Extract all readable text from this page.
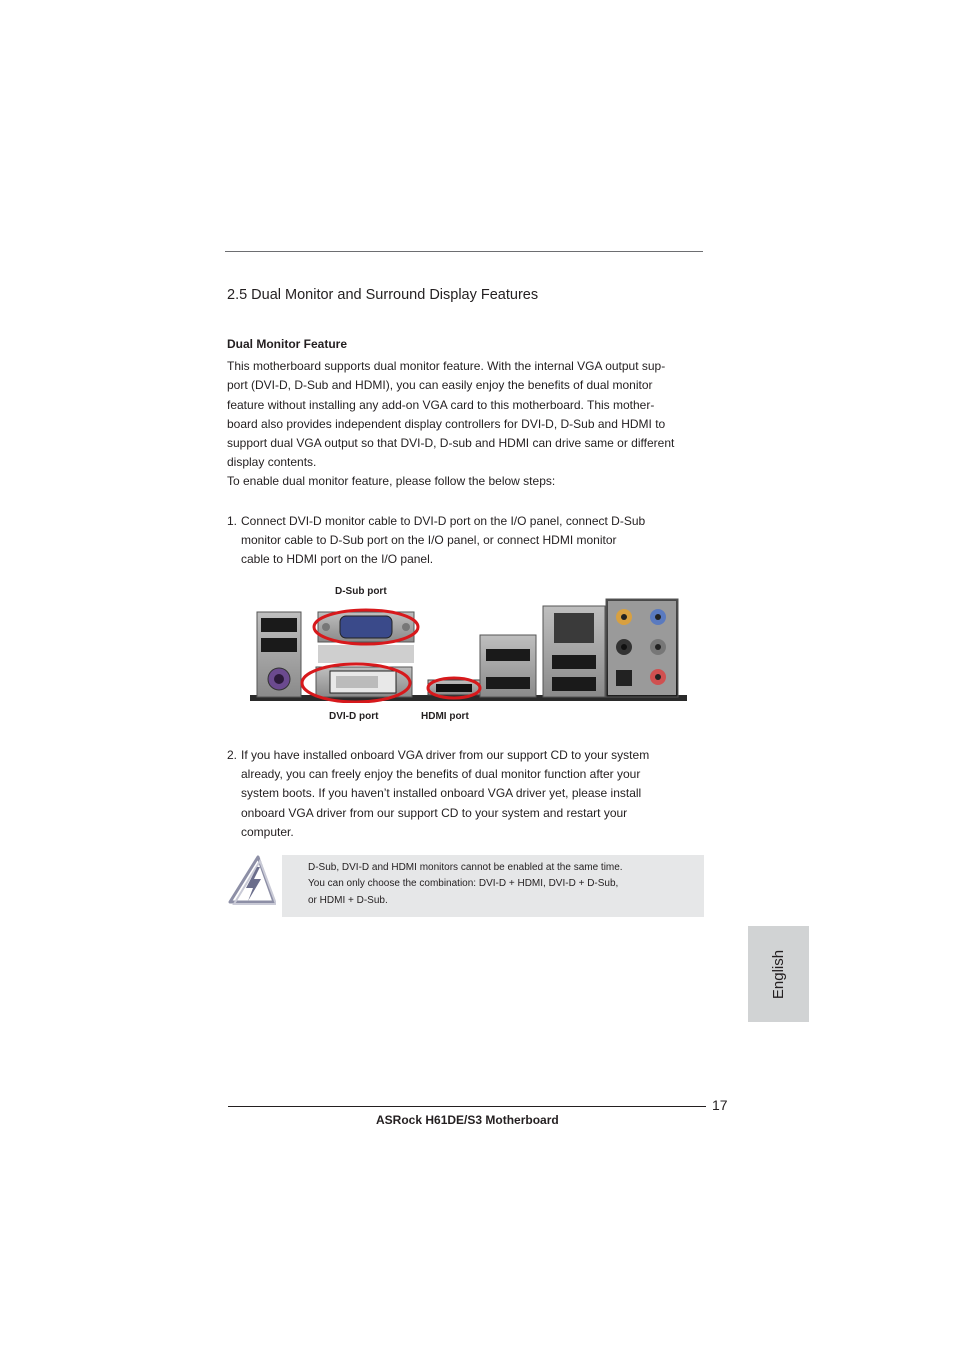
2.5 Dual Monitor and Surround Display Features
Dual Monitor Feature
This motherboard supports dual monitor feature. With the internal VGA output sup-
port (DVI-D, D-Sub and HDMI), you can easily enjoy the benefits of dual monitor
feature without installing any add-on VGA card to this motherboard. This mother-
board also provides independent display controllers for DVI-D, D-Sub and HDMI to
support dual VGA output so that DVI-D, D-sub and HDMI can drive same or different
display contents.
To enable dual monitor feature, please follow the below steps:
1. Connect DVI-D monitor cable to DVI-D port on the I/O panel, connect D-Sub
monitor cable to D-Sub port on the I/O panel, or connect HDMI monitor
cable to HDMI port on the I/O panel.
D-Sub port
DVI-D port	HDMI port
2. If you have installed onboard VGA driver from our support CD to your system
already, you can freely enjoy the benefits of dual monitor function after your
system boots. If you haven’t installed onboard VGA driver yet, please install
onboard VGA driver from our support CD to your system and restart your
computer.
D-Sub, DVI-D and HDMI monitors cannot be enabled at the same time.
You can only choose the combination: DVI-D + HDMI, DVI-D + D-Sub,
or HDMI + D-Sub.
English
17
ASRock H61DE/S3 Motherboard
